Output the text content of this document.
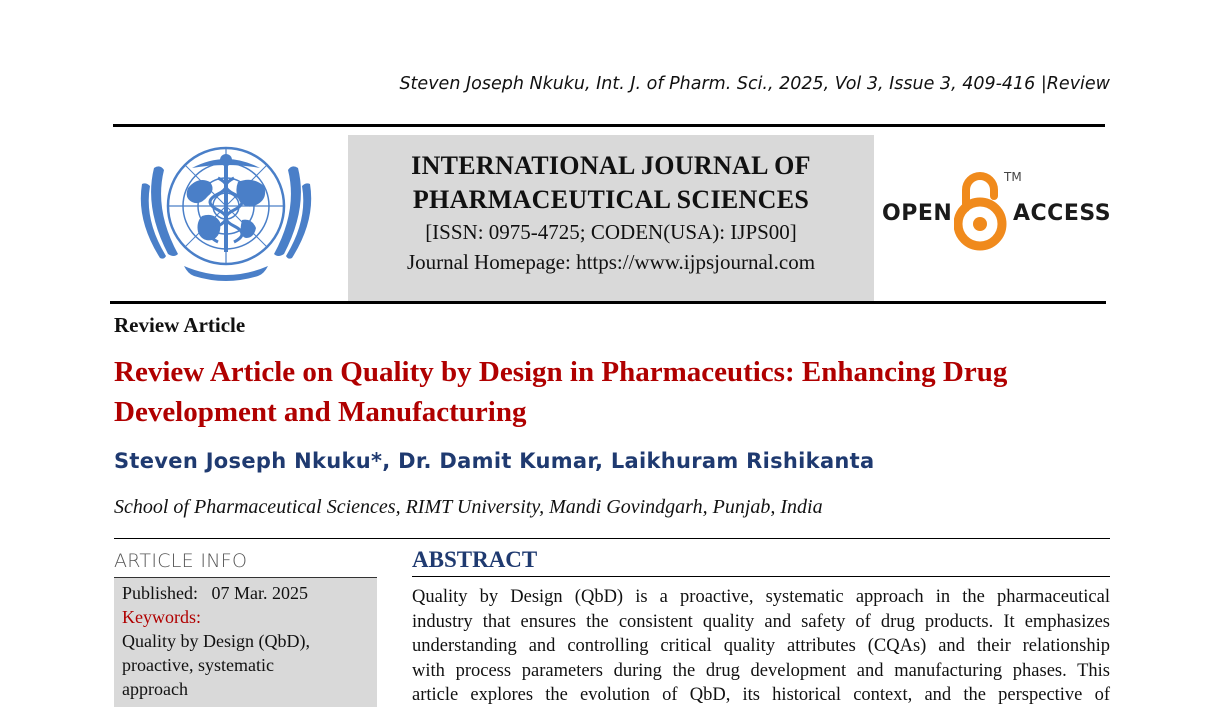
Steven Joseph Nkuku, Int. J. of Pharm. Sci., 2025, Vol 3, Issue 3, 409-416 |Review
INTERNATIONAL JOURNAL OF
PHARMACEUTICAL SCIENCES
[ISSN: 0975-4725; CODEN(USA): IJPS00]
Journal Homepage: https://www.ijpsjournal.com
OPEN
TM
ACCESS
Review Article
Review Article on Quality by Design in Pharmaceutics: Enhancing Drug Development and Manufacturing
Steven Joseph Nkuku*, Dr. Damit Kumar, Laikhuram Rishikanta
School of Pharmaceutical Sciences, RIMT University, Mandi Govindgarh, Punjab, India
ARTICLE INFO
Published: 07 Mar. 2025
Keywords:
Quality by Design (QbD),
proactive, systematic
approach
ABSTRACT
Quality by Design (QbD) is a proactive, systematic approach in the pharmaceutical
industry that ensures the consistent quality and safety of drug products. It emphasizes
understanding and controlling critical quality attributes (CQAs) and their relationship
with process parameters during the drug development and manufacturing phases. This
article explores the evolution of QbD, its historical context, and the perspective of
